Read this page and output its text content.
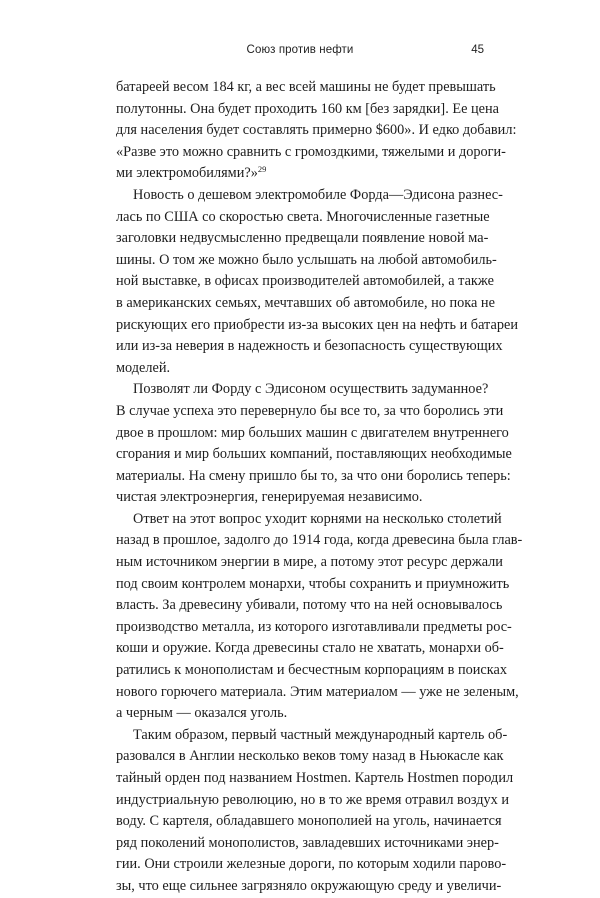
Союз против нефти	45

батареей весом 184 кг, а вес всей машины не будет превышать
полутонны. Она будет проходить 160 км [без зарядки]. Ее цена
для населения будет составлять примерно $600». И едко добавил:
«Разве это можно сравнить с громоздкими, тяжелыми и дороги-
ми электромобилями?»$^{29}$

Новость о дешевом электромобиле Форда—Эдисона разнес-
лась по США со скоростью света. Многочисленные газетные
заголовки недвусмысленно предвещали появление новой ма-
шины. О том же можно было услышать на любой автомобиль-
ной выставке, в офисах производителей автомобилей, а также
в американских семьях, мечтавших об автомобиле, но пока не
рискующих его приобрести из-за высоких цен на нефть и батареи
или из-за неверия в надежность и безопасность существующих
моделей.

Позволят ли Форду с Эдисоном осуществить задуманное?
В случае успеха это перевернуло бы все то, за что боролись эти
двое в прошлом: мир больших машин с двигателем внутреннего
сгорания и мир больших компаний, поставляющих необходимые
материалы. На смену пришло бы то, за что они боролись теперь:
чистая электроэнергия, генерируемая независимо.

Ответ на этот вопрос уходит корнями на несколько столетий
назад в прошлое, задолго до 1914 года, когда древесина была глав-
ным источником энергии в мире, а потому этот ресурс держали
под своим контролем монархи, чтобы сохранить и приумножить
власть. За древесину убивали, потому что на ней основывалось
производство металла, из которого изготавливали предметы рос-
коши и оружие. Когда древесины стало не хватать, монархи об-
ратились к монополистам и бесчестным корпорациям в поисках
нового горючего материала. Этим материалом — уже не зеленым,
а черным — оказался уголь.

Таким образом, первый частный международный картель об-
разовался в Англии несколько веков тому назад в Ньюкасле как
тайный орден под названием Hostmen. Картель Hostmen породил
индустриальную революцию, но в то же время отравил воздух и
воду. С картеля, обладавшего монополией на уголь, начинается
ряд поколений монополистов, завладевших источниками энер-
гии. Они строили железные дороги, по которым ходили парово-
зы, что еще сильнее загрязняло окружающую среду и увеличи-
